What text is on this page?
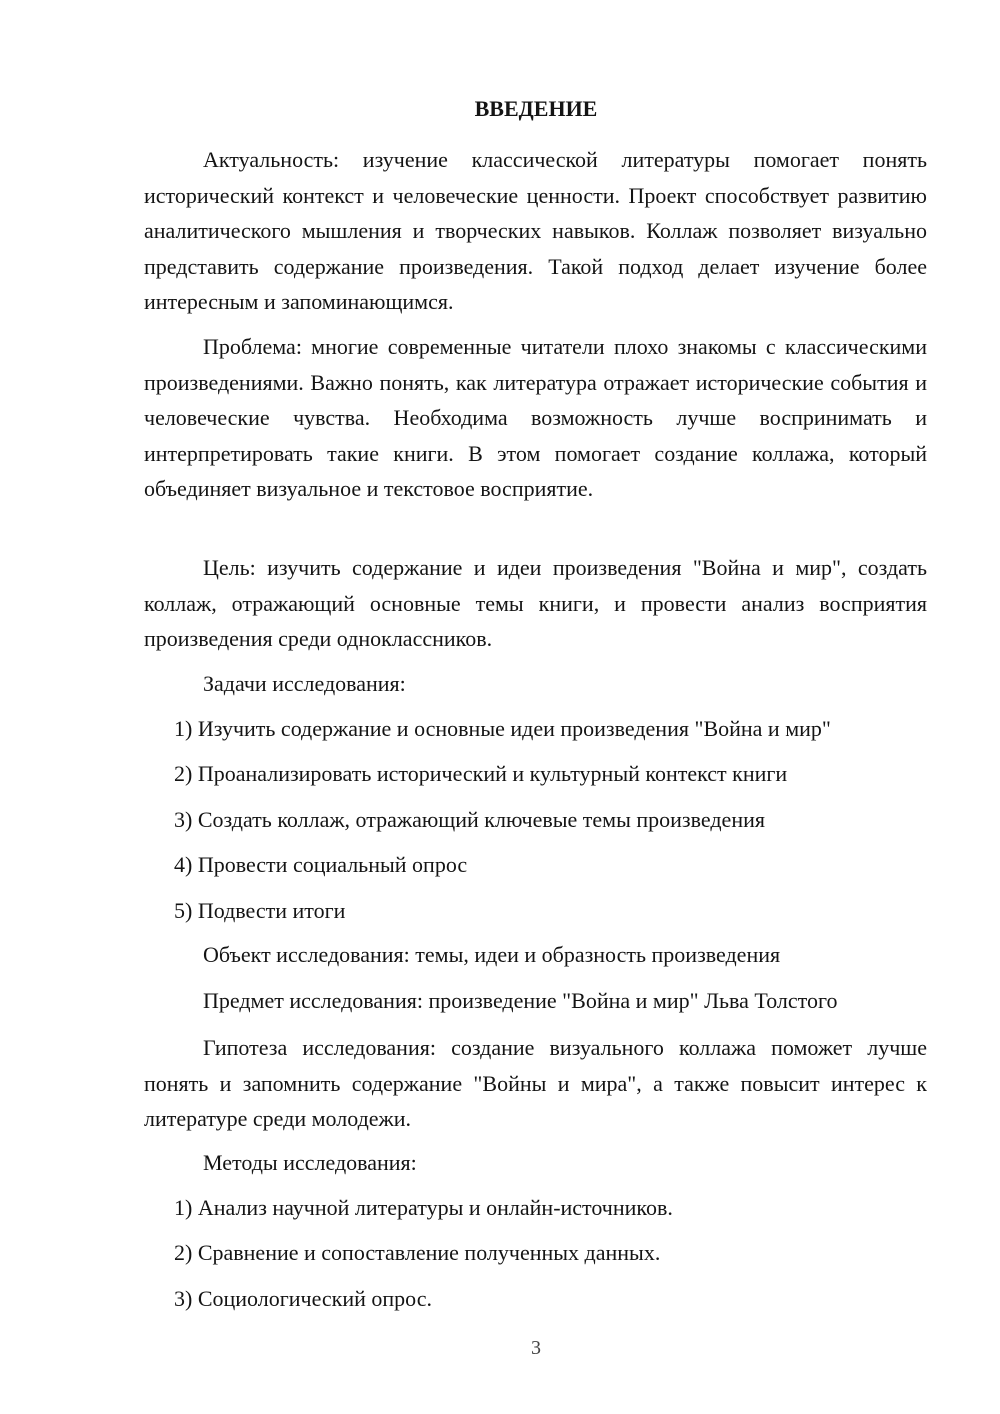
ВВЕДЕНИЕ

Актуальность: изучение классической литературы помогает понять исторический контекст и человеческие ценности. Проект способствует развитию аналитического мышления и творческих навыков. Коллаж позволяет визуально представить содержание произведения. Такой подход делает изучение более интересным и запоминающимся.

Проблема: многие современные читатели плохо знакомы с классическими произведениями. Важно понять, как литература отражает исторические события и человеческие чувства. Необходима возможность лучше воспринимать и интерпретировать такие книги. В этом помогает создание коллажа, который объединяет визуальное и текстовое восприятие.

Цель: изучить содержание и идеи произведения "Война и мир", создать коллаж, отражающий основные темы книги, и провести анализ восприятия произведения среди одноклассников.

Задачи исследования:
1) Изучить содержание и основные идеи произведения "Война и мир"
2) Проанализировать исторический и культурный контекст книги
3) Создать коллаж, отражающий ключевые темы произведения
4) Провести социальный опрос
5) Подвести итоги
Объект исследования: темы, идеи и образность произведения
Предмет исследования: произведение "Война и мир" Льва Толстого

Гипотеза исследования: создание визуального коллажа поможет лучше понять и запомнить содержание "Войны и мира", а также повысит интерес к литературе среди молодежи.

Методы исследования:
1) Анализ научной литературы и онлайн-источников.
2) Сравнение и сопоставление полученных данных.
3) Социологический опрос.
3
